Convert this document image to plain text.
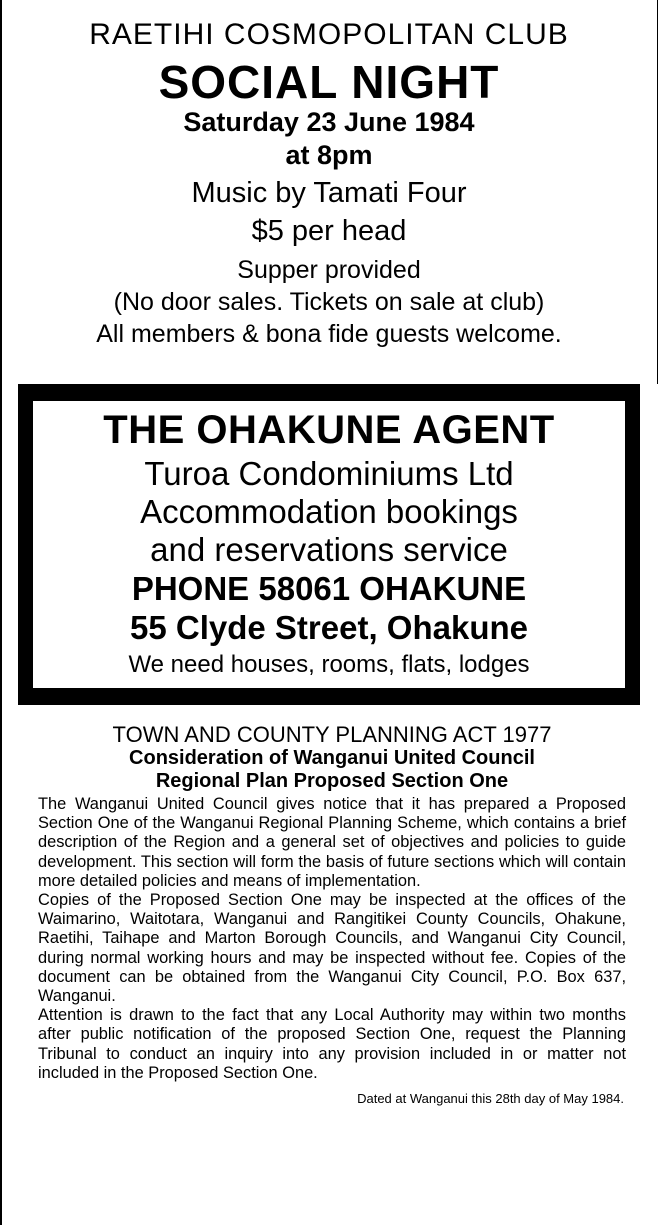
RAETIHI COSMOPOLITAN CLUB
SOCIAL NIGHT
Saturday 23 June 1984
at 8pm
Music by Tamati Four
$5 per head
Supper provided
(No door sales. Tickets on sale at club)
All members & bona fide guests welcome.
THE OHAKUNE AGENT
Turoa Condominiums Ltd
Accommodation bookings
and reservations service
PHONE 58061 OHAKUNE
55 Clyde Street, Ohakune
We need houses, rooms, flats, lodges
TOWN AND COUNTY PLANNING ACT 1977
Consideration of Wanganui United Council
Regional Plan Proposed Section One

The Wanganui United Council gives notice that it has prepared a Proposed Section One of the Wanganui Regional Planning Scheme, which contains a brief description of the Region and a general set of objectives and policies to guide development. This section will form the basis of future sections which will contain more detailed policies and means of implementation.

Copies of the Proposed Section One may be inspected at the offices of the Waimarino, Waitotara, Wanganui and Rangitikei County Councils, Ohakune, Raetihi, Taihape and Marton Borough Councils, and Wanganui City Council, during normal working hours and may be inspected without fee. Copies of the document can be obtained from the Wanganui City Council, P.O. Box 637, Wanganui.

Attention is drawn to the fact that any Local Authority may within two months after public notification of the proposed Section One, request the Planning Tribunal to conduct an inquiry into any provision included in or matter not included in the Proposed Section One.

Dated at Wanganui this 28th day of May 1984.
